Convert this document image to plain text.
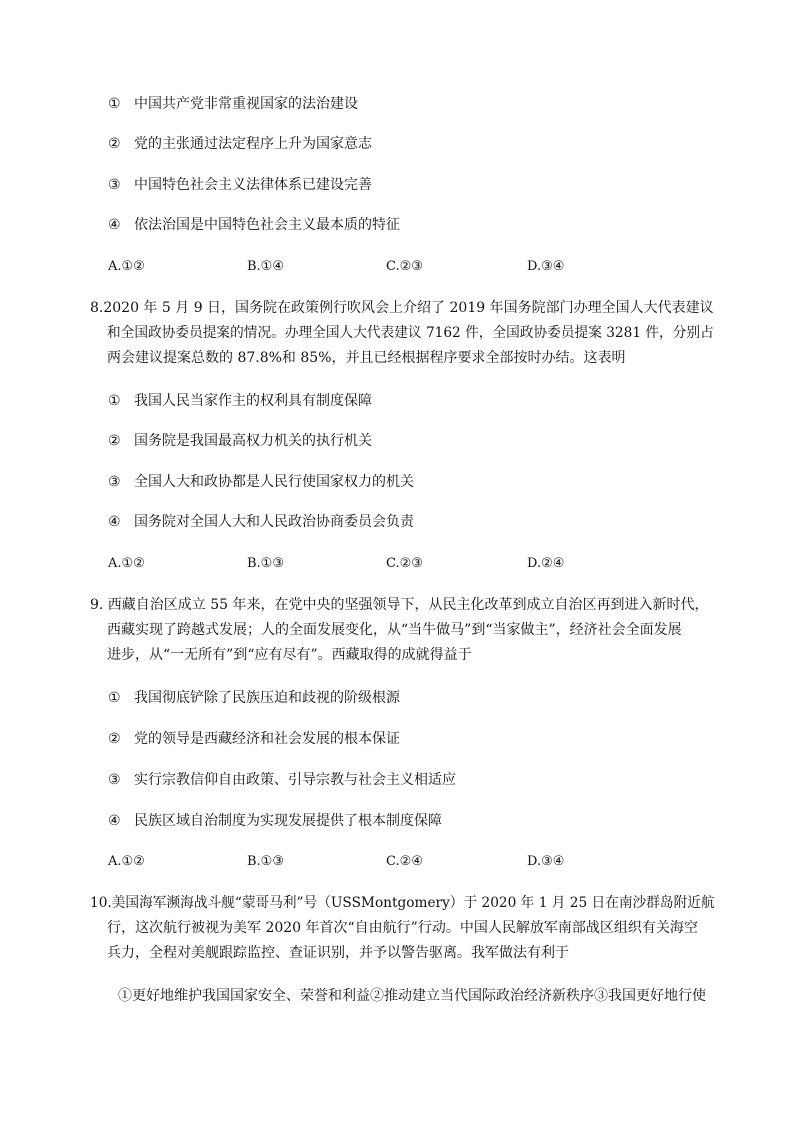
① 中国共产党非常重视国家的法治建设
② 党的主张通过法定程序上升为国家意志
③ 中国特色社会主义法律体系已建设完善
④ 依法治国是中国特色社会主义最本质的特征
A.①②	B.①④	C.②③	D.③④
8.2020 年 5 月 9 日，国务院在政策例行吹风会上介绍了 2019 年国务院部门办理全国人大代表建议
和全国政协委员提案的情况。办理全国人大代表建议 7162 件，全国政协委员提案 3281 件，分别占
两会建议提案总数的 87.8%和 85%，并且已经根据程序要求全部按时办结。这表明
① 我国人民当家作主的权利具有制度保障
② 国务院是我国最高权力机关的执行机关
③ 全国人大和政协都是人民行使国家权力的机关
④ 国务院对全国人大和人民政治协商委员会负责
A.①②	B.①③	C.②③	D.②④
9. 西藏自治区成立 55 年来，在党中央的坚强领导下，从民主化改革到成立自治区再到进入新时代，
西藏实现了跨越式发展；人的全面发展变化，从“当牛做马”到“当家做主”，经济社会全面发展
进步，从“一无所有”到“应有尽有”。西藏取得的成就得益于
① 我国彻底铲除了民族压迫和歧视的阶级根源
② 党的领导是西藏经济和社会发展的根本保证
③ 实行宗教信仰自由政策、引导宗教与社会主义相适应
④ 民族区域自治制度为实现发展提供了根本制度保障
A.①②	B.①③	C.②④	D.③④
10.美国海军濒海战斗舰“蒙哥马利”号（USSMontgomery）于 2020 年 1 月 25 日在南沙群岛附近航
行，这次航行被视为美军 2020 年首次“自由航行”行动。中国人民解放军南部战区组织有关海空
兵力，全程对美舰跟踪监控、查证识别，并予以警告驱离。我军做法有利于
①更好地维护我国国家安全、荣誉和利益②推动建立当代国际政治经济新秩序③我国更好地行使
